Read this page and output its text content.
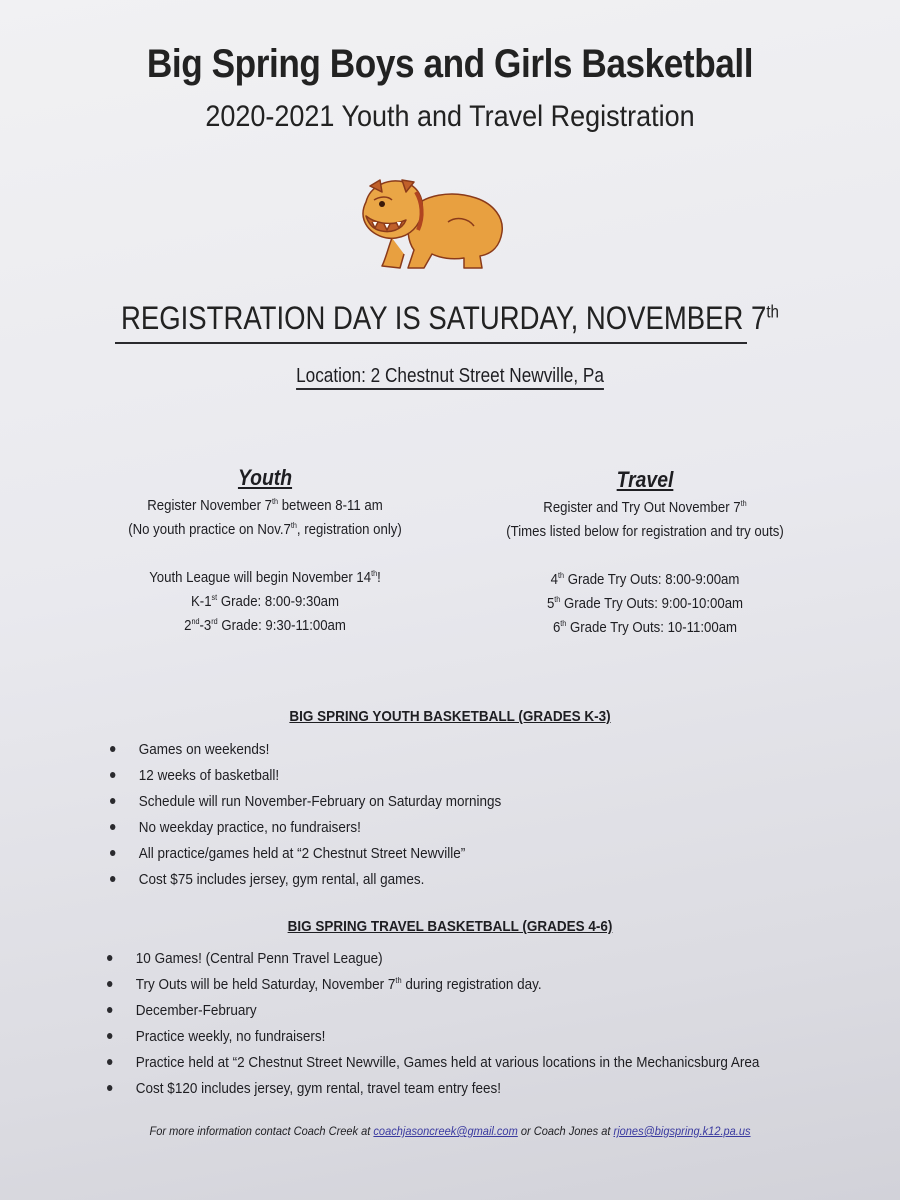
Big Spring Boys and Girls Basketball
2020-2021 Youth and Travel Registration
REGISTRATION DAY IS SATURDAY, NOVEMBER 7th
Location: 2 Chestnut Street Newville, Pa
Youth
Register November 7th between 8-11 am
(No youth practice on Nov.7th, registration only)
Youth League will begin November 14th!
K-1st Grade: 8:00-9:30am
2nd-3rd Grade: 9:30-11:00am
Travel
Register and Try Out November 7th
(Times listed below for registration and try outs)
4th Grade Try Outs: 8:00-9:00am
5th Grade Try Outs: 9:00-10:00am
6th Grade Try Outs: 10-11:00am
BIG SPRING YOUTH BASKETBALL (GRADES K-3)
Games on weekends!
12 weeks of basketball!
Schedule will run November-February on Saturday mornings
No weekday practice, no fundraisers!
All practice/games held at “2 Chestnut Street Newville”
Cost $75 includes jersey, gym rental, all games.
BIG SPRING TRAVEL BASKETBALL (GRADES 4-6)
10 Games! (Central Penn Travel League)
Try Outs will be held Saturday, November 7th during registration day.
December-February
Practice weekly, no fundraisers!
Practice held at “2 Chestnut Street Newville, Games held at various locations in the Mechanicsburg Area
Cost $120 includes jersey, gym rental, travel team entry fees!
For more information contact Coach Creek at coachjasoncreek@gmail.com or Coach Jones at rjones@bigspring.k12.pa.us
